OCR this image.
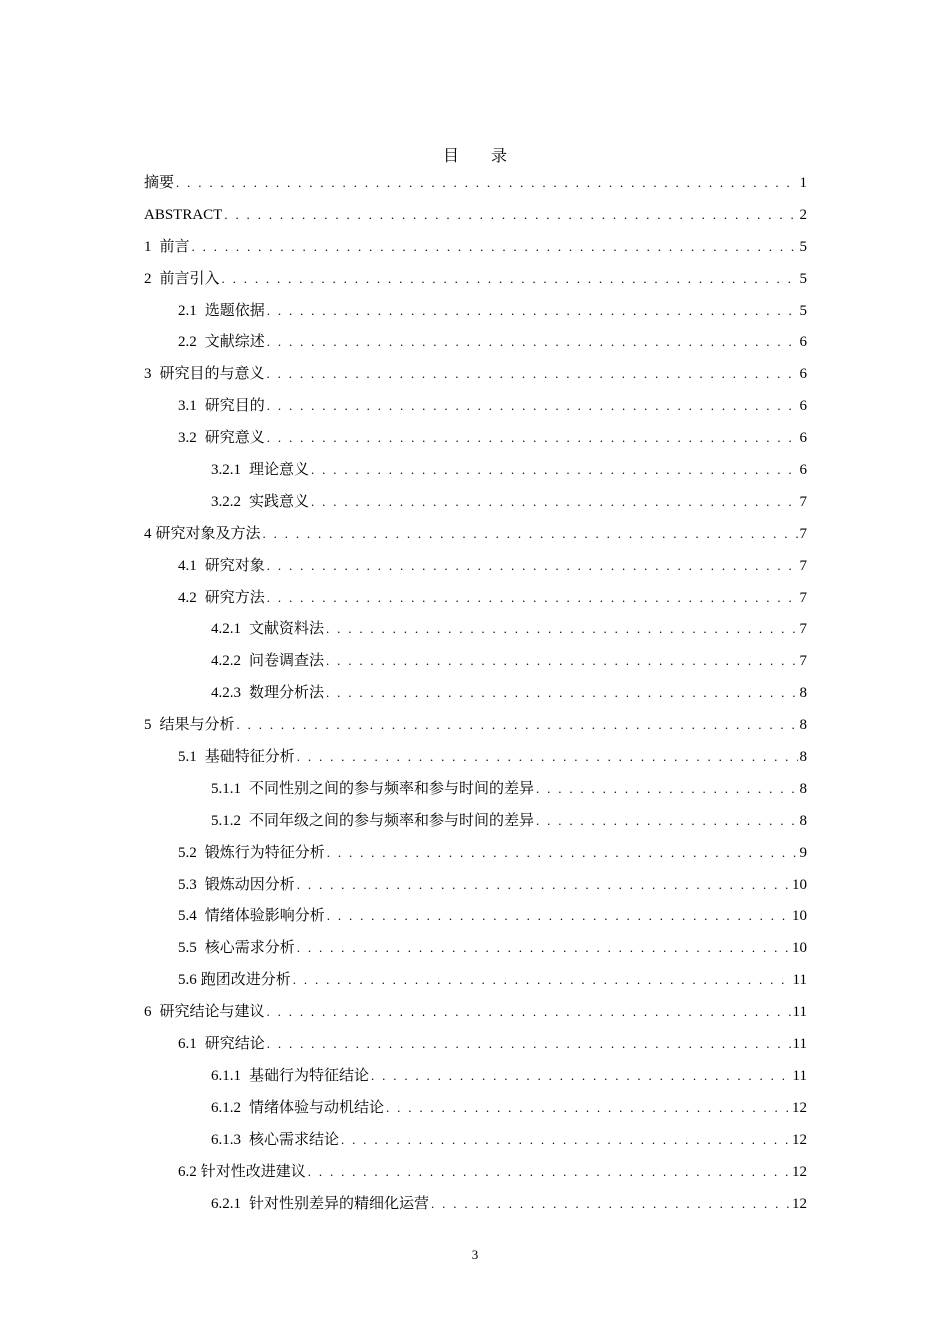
目 录
摘要 . . .	1
ABSTRACT . . .	2
1 前言 . . .	5
2 前言引入 . . .	5
2.1 选题依据 . . .	5
2.2 文献综述 . . .	6
3 研究目的与意义 . . .	6
3.1 研究目的 . . .	6
3.2 研究意义 . . .	6
3.2.1 理论意义 . . .	6
3.2.2 实践意义 . . .	7
4 研究对象及方法 . . .	7
4.1 研究对象 . . .	7
4.2 研究方法 . . .	7
4.2.1 文献资料法 . . .	7
4.2.2 问卷调查法 . . .	7
4.2.3 数理分析法 . . .	8
5 结果与分析 . . .	8
5.1 基础特征分析 . . .	8
5.1.1 不同性别之间的参与频率和参与时间的差异 . . .	8
5.1.2 不同年级之间的参与频率和参与时间的差异 . . .	8
5.2 锻炼行为特征分析 . . .	9
5.3 锻炼动因分析 . . .	10
5.4 情绪体验影响分析 . . .	10
5.5 核心需求分析 . . .	10
5.6 跑团改进分析 . . .	11
6 研究结论与建议 . . .	11
6.1 研究结论 . . .	11
6.1.1 基础行为特征结论 . . .	11
6.1.2 情绪体验与动机结论 . . .	12
6.1.3 核心需求结论 . . .	12
6.2 针对性改进建议 . . .	12
6.2.1 针对性别差异的精细化运营 . . .	12
3
